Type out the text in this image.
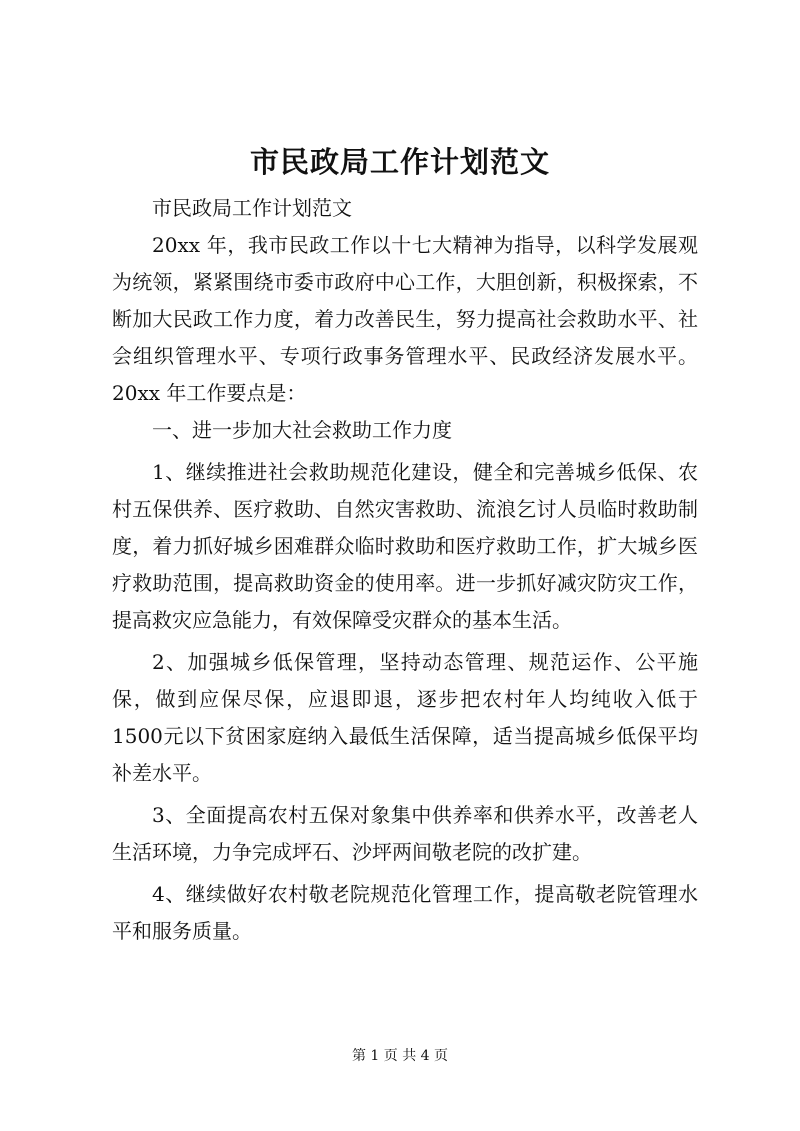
市民政局工作计划范文

市民政局工作计划范文

20xx 年，我市民政工作以十七大精神为指导，以科学发展观为统领，紧紧围绕市委市政府中心工作，大胆创新，积极探索，不断加大民政工作力度，着力改善民生，努力提高社会救助水平、社会组织管理水平、专项行政事务管理水平、民政经济发展水平。20xx 年工作要点是：

一、进一步加大社会救助工作力度

1、继续推进社会救助规范化建设，健全和完善城乡低保、农村五保供养、医疗救助、自然灾害救助、流浪乞讨人员临时救助制度，着力抓好城乡困难群众临时救助和医疗救助工作，扩大城乡医疗救助范围，提高救助资金的使用率。进一步抓好减灾防灾工作，提高救灾应急能力，有效保障受灾群众的基本生活。

2、加强城乡低保管理，坚持动态管理、规范运作、公平施保，做到应保尽保，应退即退，逐步把农村年人均纯收入低于1500元以下贫困家庭纳入最低生活保障，适当提高城乡低保平均补差水平。

3、全面提高农村五保对象集中供养率和供养水平，改善老人生活环境，力争完成坪石、沙坪两间敬老院的改扩建。

4、继续做好农村敬老院规范化管理工作，提高敬老院管理水平和服务质量。

第 1 页 共 4 页
